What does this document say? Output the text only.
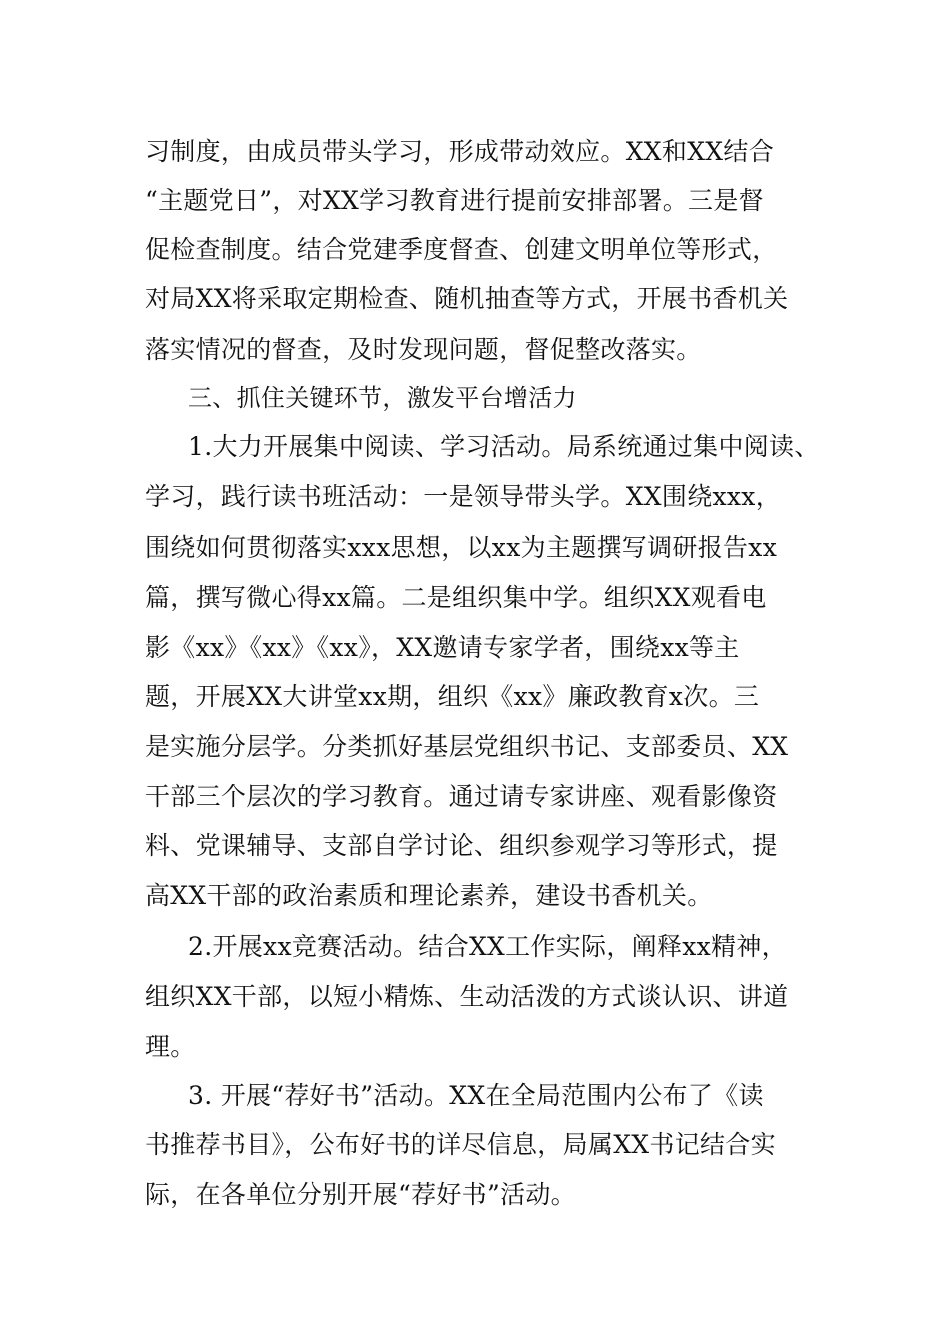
习制度，由成员带头学习，形成带动效应。XX和XX结合
“主题党日”，对XX学习教育进行提前安排部署。三是督
促检查制度。结合党建季度督查、创建文明单位等形式，
对局XX将采取定期检查、随机抽查等方式，开展书香机关
落实情况的督查，及时发现问题，督促整改落实。
三、抓住关键环节，激发平台增活力
1.大力开展集中阅读、学习活动。局系统通过集中阅读、
学习，践行读书班活动：一是领导带头学。XX围绕xxx，
围绕如何贯彻落实xxx思想，以xx为主题撰写调研报告xx
篇，撰写微心得xx篇。二是组织集中学。组织XX观看电
影《xx》《xx》《xx》，XX邀请专家学者，围绕xx等主
题，开展XX大讲堂xx期，组织《xx》廉政教育x次。三
是实施分层学。分类抓好基层党组织书记、支部委员、XX
干部三个层次的学习教育。通过请专家讲座、观看影像资
料、党课辅导、支部自学讨论、组织参观学习等形式，提
高XX干部的政治素质和理论素养，建设书香机关。
2.开展xx竞赛活动。结合XX工作实际，阐释xx精神，
组织XX干部，以短小精炼、生动活泼的方式谈认识、讲道
理。
3. 开展“荐好书”活动。XX在全局范围内公布了《读
书推荐书目》，公布好书的详尽信息，局属XX书记结合实
际，在各单位分别开展“荐好书”活动。
